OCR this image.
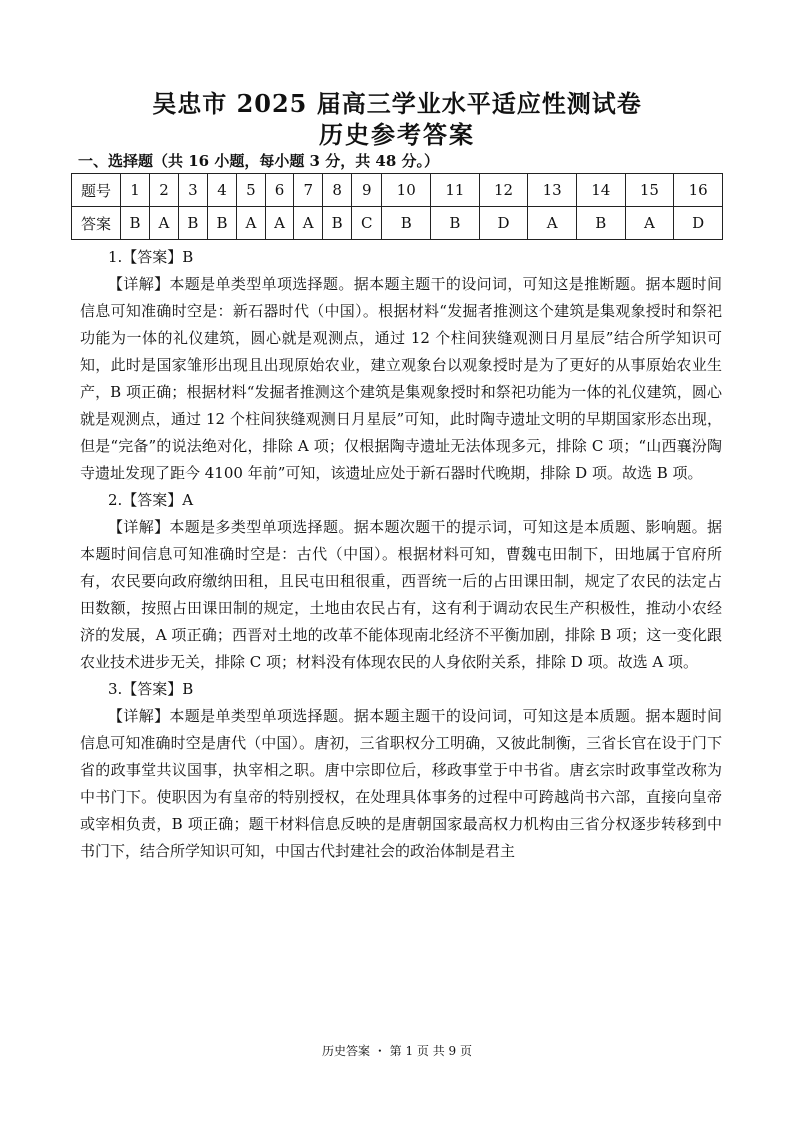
吴忠市 2025 届高三学业水平适应性测试卷
历史参考答案
一、选择题（共 16 小题，每小题 3 分，共 48 分。）
题号	1	2	3	4	5	6	7	8	9	10	11	12	13	14	15	16
答案	B	A	B	B	A	A	A	B	C	B	B	D	A	B	A	D
1.【答案】B
【详解】本题是单类型单项选择题。据本题主题干的设问词，可知这是推断题。据本题时间信息可知准确时空是：新石器时代（中国）。根据材料“发掘者推测这个建筑是集观象授时和祭祀功能为一体的礼仪建筑，圆心就是观测点，通过 12 个柱间狭缝观测日月星辰”结合所学知识可知，此时是国家雏形出现且出现原始农业，建立观象台以观象授时是为了更好的从事原始农业生产，B 项正确；根据材料“发掘者推测这个建筑是集观象授时和祭祀功能为一体的礼仪建筑，圆心就是观测点，通过 12 个柱间狭缝观测日月星辰”可知，此时陶寺遗址文明的早期国家形态出现，但是“完备”的说法绝对化，排除 A 项；仅根据陶寺遗址无法体现多元，排除 C 项；“山西襄汾陶寺遗址发现了距今 4100 年前”可知，该遗址应处于新石器时代晚期，排除 D 项。故选 B 项。
2.【答案】A
【详解】本题是多类型单项选择题。据本题次题干的提示词，可知这是本质题、影响题。据本题时间信息可知准确时空是：古代（中国）。根据材料可知，曹魏屯田制下，田地属于官府所有，农民要向政府缴纳田租，且民屯田租很重，西晋统一后的占田课田制，规定了农民的法定占田数额，按照占田课田制的规定，土地由农民占有，这有利于调动农民生产积极性，推动小农经济的发展，A 项正确；西晋对土地的改革不能体现南北经济不平衡加剧，排除 B 项；这一变化跟农业技术进步无关，排除 C 项；材料没有体现农民的人身依附关系，排除 D 项。故选 A 项。
3.【答案】B
【详解】本题是单类型单项选择题。据本题主题干的设问词，可知这是本质题。据本题时间信息可知准确时空是唐代（中国）。唐初，三省职权分工明确，又彼此制衡，三省长官在设于门下省的政事堂共议国事，执宰相之职。唐中宗即位后，移政事堂于中书省。唐玄宗时政事堂改称为中书门下。使职因为有皇帝的特别授权，在处理具体事务的过程中可跨越尚书六部，直接向皇帝或宰相负责，B 项正确；题干材料信息反映的是唐朝国家最高权力机构由三省分权逐步转移到中书门下，结合所学知识可知，中国古代封建社会的政治体制是君主
历史答案 ・ 第 1 页 共 9 页
